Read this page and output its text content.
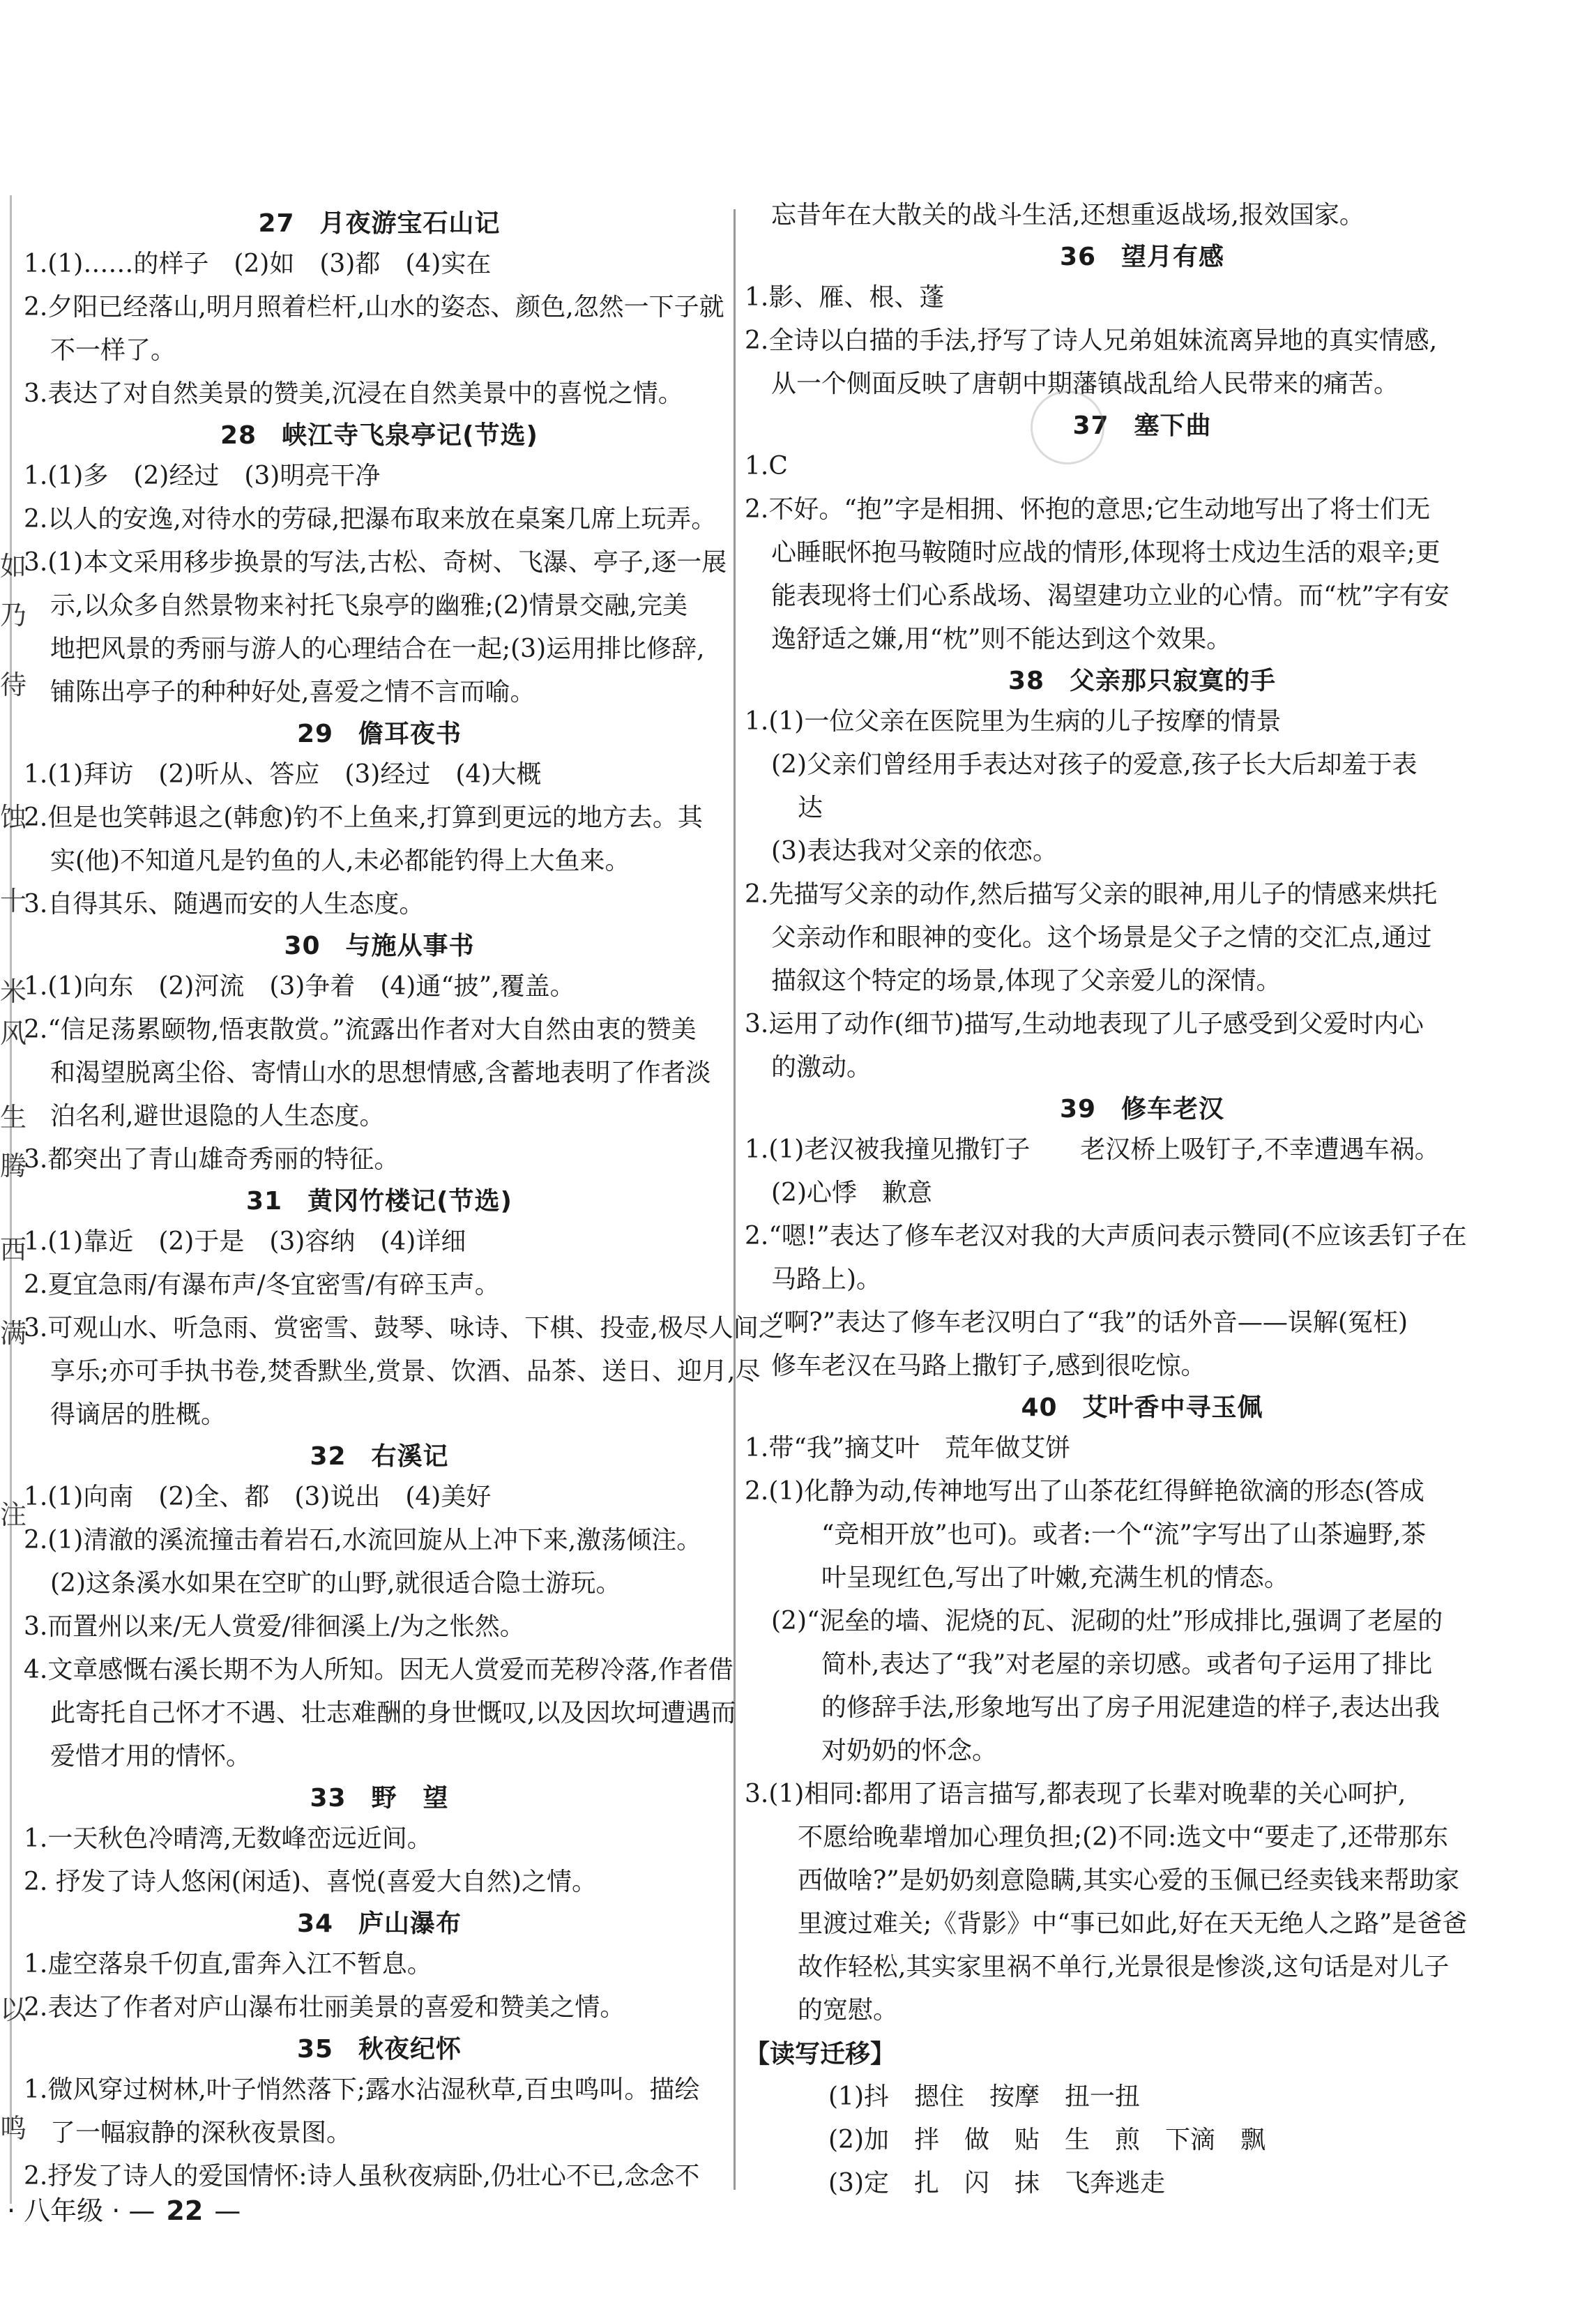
如
乃
待
蚀
十
米
风
生
腾
西
满
注
以
鸣
27 月夜游宝石山记
1.(1)……的样子　(2)如　(3)都　(4)实在
2.夕阳已经落山,明月照着栏杆,山水的姿态、颜色,忽然一下子就
不一样了。
3.表达了对自然美景的赞美,沉浸在自然美景中的喜悦之情。
28 峡江寺飞泉亭记(节选)
1.(1)多　(2)经过　(3)明亮干净
2.以人的安逸,对待水的劳碌,把瀑布取来放在桌案几席上玩弄。
3.(1)本文采用移步换景的写法,古松、奇树、飞瀑、亭子,逐一展
示,以众多自然景物来衬托飞泉亭的幽雅;(2)情景交融,完美
地把风景的秀丽与游人的心理结合在一起;(3)运用排比修辞,
铺陈出亭子的种种好处,喜爱之情不言而喻。
29 儋耳夜书
1.(1)拜访　(2)听从、答应　(3)经过　(4)大概
2.但是也笑韩退之(韩愈)钓不上鱼来,打算到更远的地方去。其
实(他)不知道凡是钓鱼的人,未必都能钓得上大鱼来。
3.自得其乐、随遇而安的人生态度。
30 与施从事书
1.(1)向东　(2)河流　(3)争着　(4)通“披”,覆盖。
2.“信足荡累颐物,悟衷散赏。”流露出作者对大自然由衷的赞美
和渴望脱离尘俗、寄情山水的思想情感,含蓄地表明了作者淡
泊名利,避世退隐的人生态度。
3.都突出了青山雄奇秀丽的特征。
31 黄冈竹楼记(节选)
1.(1)靠近　(2)于是　(3)容纳　(4)详细
2.夏宜急雨/有瀑布声/冬宜密雪/有碎玉声。
3.可观山水、听急雨、赏密雪、鼓琴、咏诗、下棋、投壶,极尽人间之
享乐;亦可手执书卷,焚香默坐,赏景、饮酒、品茶、送日、迎月,尽
得谪居的胜概。
32 右溪记
1.(1)向南　(2)全、都　(3)说出　(4)美好
2.(1)清澈的溪流撞击着岩石,水流回旋从上冲下来,激荡倾注。
(2)这条溪水如果在空旷的山野,就很适合隐士游玩。
3.而置州以来/无人赏爱/徘徊溪上/为之怅然。
4.文章感慨右溪长期不为人所知。因无人赏爱而芜秽冷落,作者借
此寄托自己怀才不遇、壮志难酬的身世慨叹,以及因坎坷遭遇而
爱惜才用的情怀。
33 野　望
1.一天秋色冷晴湾,无数峰峦远近间。
2. 抒发了诗人悠闲(闲适)、喜悦(喜爱大自然)之情。
34 庐山瀑布
1.虚空落泉千仞直,雷奔入江不暂息。
2.表达了作者对庐山瀑布壮丽美景的喜爱和赞美之情。
35 秋夜纪怀
1.微风穿过树林,叶子悄然落下;露水沾湿秋草,百虫鸣叫。描绘
了一幅寂静的深秋夜景图。
2.抒发了诗人的爱国情怀:诗人虽秋夜病卧,仍壮心不已,念念不
忘昔年在大散关的战斗生活,还想重返战场,报效国家。
36 望月有感
1.影、雁、根、蓬
2.全诗以白描的手法,抒写了诗人兄弟姐妹流离异地的真实情感,
从一个侧面反映了唐朝中期藩镇战乱给人民带来的痛苦。
37 塞下曲
1.C
2.不好。“抱”字是相拥、怀抱的意思;它生动地写出了将士们无
心睡眠怀抱马鞍随时应战的情形,体现将士戍边生活的艰辛;更
能表现将士们心系战场、渴望建功立业的心情。而“枕”字有安
逸舒适之嫌,用“枕”则不能达到这个效果。
38 父亲那只寂寞的手
1.(1)一位父亲在医院里为生病的儿子按摩的情景
(2)父亲们曾经用手表达对孩子的爱意,孩子长大后却羞于表
达
(3)表达我对父亲的依恋。
2.先描写父亲的动作,然后描写父亲的眼神,用儿子的情感来烘托
父亲动作和眼神的变化。这个场景是父子之情的交汇点,通过
描叙这个特定的场景,体现了父亲爱儿的深情。
3.运用了动作(细节)描写,生动地表现了儿子感受到父爱时内心
的激动。
39 修车老汉
1.(1)老汉被我撞见撒钉子　　老汉桥上吸钉子,不幸遭遇车祸。
(2)心悸　歉意
2.“嗯!”表达了修车老汉对我的大声质问表示赞同(不应该丢钉子在
马路上)。
“啊?”表达了修车老汉明白了“我”的话外音——误解(冤枉)
修车老汉在马路上撒钉子,感到很吃惊。
40 艾叶香中寻玉佩
1.带“我”摘艾叶　荒年做艾饼
2.(1)化静为动,传神地写出了山茶花红得鲜艳欲滴的形态(答成
“竞相开放”也可)。或者:一个“流”字写出了山茶遍野,茶
叶呈现红色,写出了叶嫩,充满生机的情态。
(2)“泥垒的墙、泥烧的瓦、泥砌的灶”形成排比,强调了老屋的
简朴,表达了“我”对老屋的亲切感。或者句子运用了排比
的修辞手法,形象地写出了房子用泥建造的样子,表达出我
对奶奶的怀念。
3.(1)相同:都用了语言描写,都表现了长辈对晚辈的关心呵护,
不愿给晚辈增加心理负担;(2)不同:选文中“要走了,还带那东
西做啥?”是奶奶刻意隐瞒,其实心爱的玉佩已经卖钱来帮助家
里渡过难关;《背影》中“事已如此,好在天无绝人之路”是爸爸
故作轻松,其实家里祸不单行,光景很是惨淡,这句话是对儿子
的宽慰。
【读写迁移】
(1)抖　摁住　按摩　扭一扭
(2)加　拌　做　贴　生　煎　下滴　飘
(3)定　扎　闪　抹　飞奔逃走
· 八年级 · — 22 —
